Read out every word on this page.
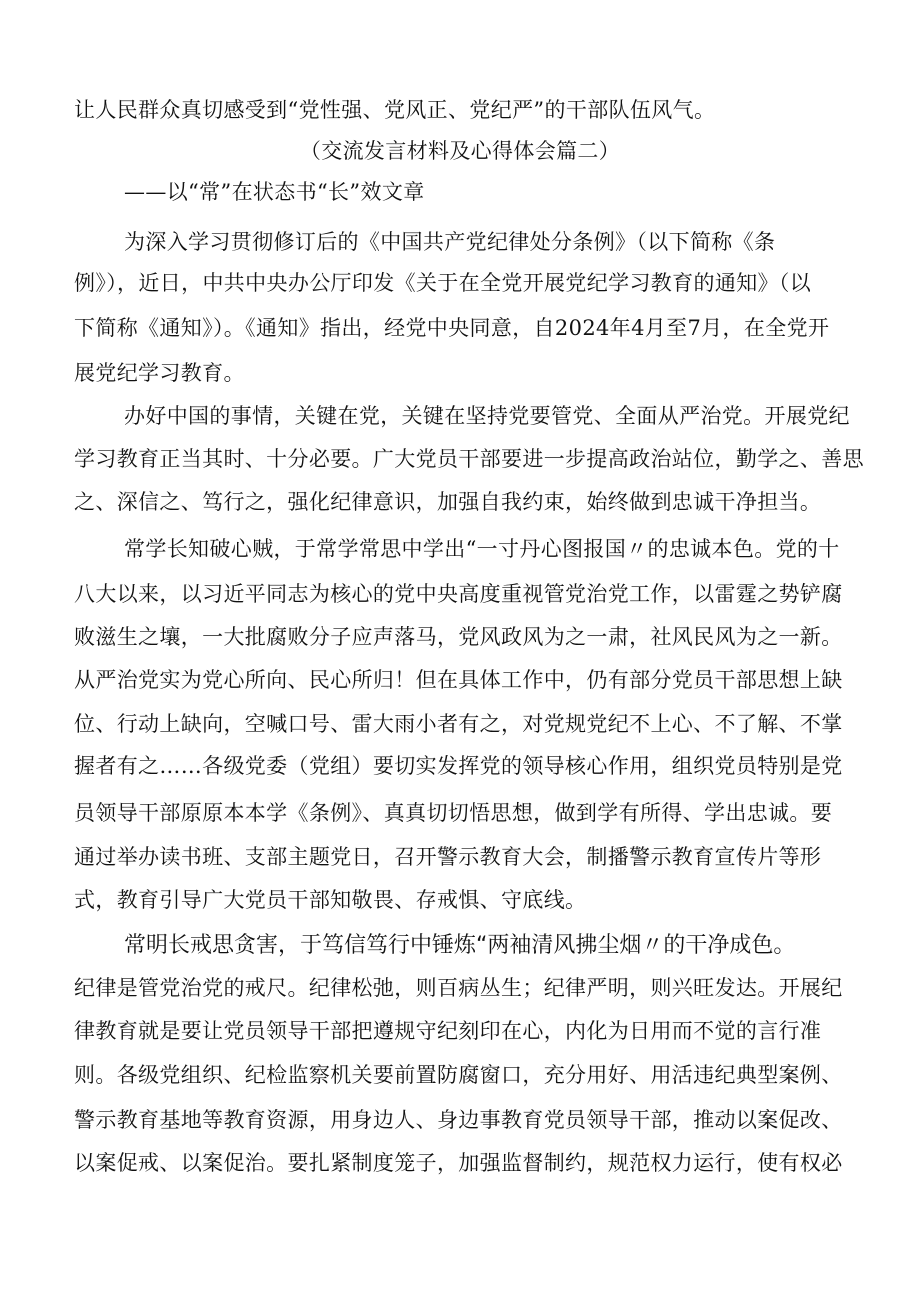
让人民群众真切感受到“党性强、党风正、党纪严”的干部队伍风气。
（交流发言材料及心得体会篇二）
——以“常”在状态书“长”效文章
为深入学习贯彻修订后的《中国共产党纪律处分条例》（以下简称《条
例》），近日，中共中央办公厅印发《关于在全党开展党纪学习教育的通知》（以
下简称《通知》）。《通知》指出，经党中央同意，自2024年4月至7月，在全党开
展党纪学习教育。
办好中国的事情，关键在党，关键在坚持党要管党、全面从严治党。开展党纪
学习教育正当其时、十分必要。广大党员干部要进一步提高政治站位，勤学之、善思
之、深信之、笃行之，强化纪律意识，加强自我约束，始终做到忠诚干净担当。
常学长知破心贼，于常学常思中学出“一寸丹心图报国〃的忠诚本色。党的十
八大以来，以习近平同志为核心的党中央高度重视管党治党工作，以雷霆之势铲腐
败滋生之壤，一大批腐败分子应声落马，党风政风为之一肃，社风民风为之一新。
从严治党实为党心所向、民心所归！但在具体工作中，仍有部分党员干部思想上缺
位、行动上缺向，空喊口号、雷大雨小者有之，对党规党纪不上心、不了解、不掌
握者有之……各级党委（党组）要切实发挥党的领导核心作用，组织党员特别是党
员领导干部原原本本学《条例》、真真切切悟思想，做到学有所得、学出忠诚。要
通过举办读书班、支部主题党日，召开警示教育大会，制播警示教育宣传片等形
式，教育引导广大党员干部知敬畏、存戒惧、守底线。
常明长戒思贪害，于笃信笃行中锤炼“两袖清风拂尘烟〃的干净成色。
纪律是管党治党的戒尺。纪律松弛，则百病丛生；纪律严明，则兴旺发达。开展纪
律教育就是要让党员领导干部把遵规守纪刻印在心，内化为日用而不觉的言行准
则。各级党组织、纪检监察机关要前置防腐窗口，充分用好、用活违纪典型案例、
警示教育基地等教育资源，用身边人、身边事教育党员领导干部，推动以案促改、
以案促戒、以案促治。要扎紧制度笼子，加强监督制约，规范权力运行，使有权必
